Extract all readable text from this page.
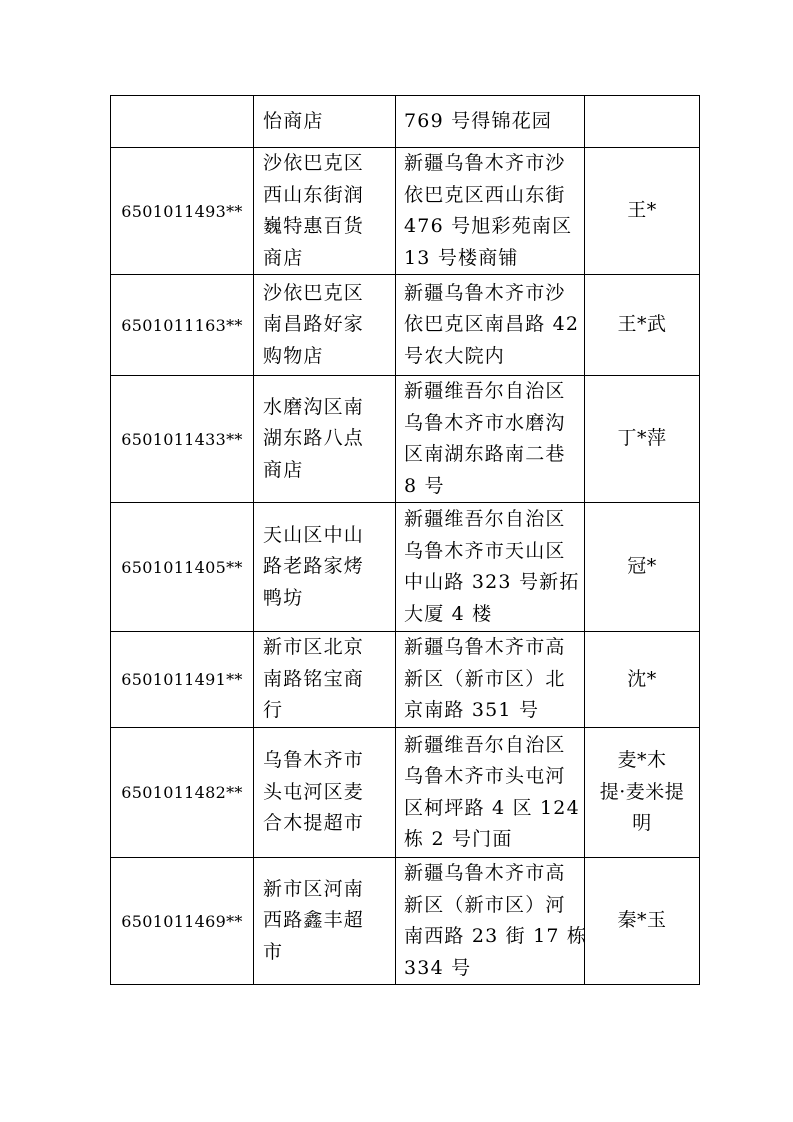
	怡商店	769 号得锦花园	

6501011493**	沙依巴克区
西山东街润
巍特惠百货
商店	新疆乌鲁木齐市沙
依巴克区西山东街
476 号旭彩苑南区
13 号楼商铺	王*

6501011163**	沙依巴克区
南昌路好家
购物店	新疆乌鲁木齐市沙
依巴克区南昌路 42
号农大院内	王*武

6501011433**	水磨沟区南
湖东路八点
商店	新疆维吾尔自治区
乌鲁木齐市水磨沟
区南湖东路南二巷
8 号	丁*萍

6501011405**	天山区中山
路老路家烤
鸭坊	新疆维吾尔自治区
乌鲁木齐市天山区
中山路 323 号新拓
大厦 4 楼	冠*

6501011491**	新市区北京
南路铭宝商
行	新疆乌鲁木齐市高
新区（新市区）北
京南路 351 号	沈*

6501011482**	乌鲁木齐市
头屯河区麦
合木提超市	新疆维吾尔自治区
乌鲁木齐市头屯河
区柯坪路 4 区 124
栋 2 号门面	麦*木
提·麦米提
明

6501011469**	新市区河南
西路鑫丰超
市	新疆乌鲁木齐市高
新区（新市区）河
南西路 23 街 17 栋
334 号	秦*玉
